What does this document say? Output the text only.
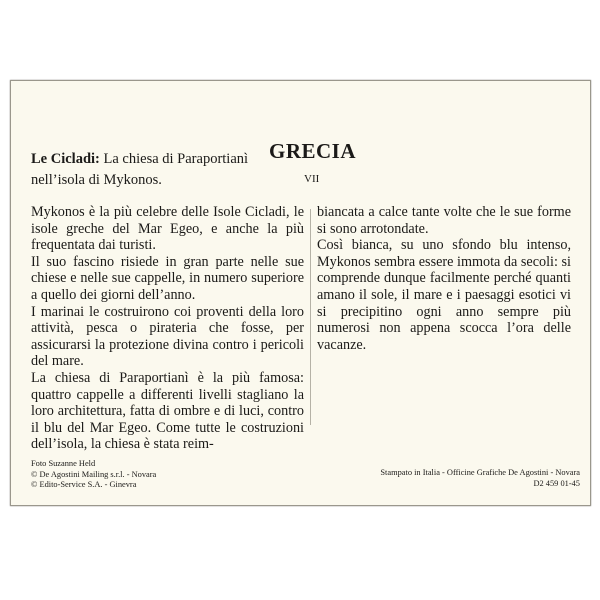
GRECIA
Le Cicladi: La chiesa di Paraportianì nell’isola di Mykonos.	VII

Mykonos è la più celebre delle Isole Cicladi, le isole greche del Mar Egeo, e anche la più frequentata dai turisti.

Il suo fascino risiede in gran parte nelle sue chiese e nelle sue cappelle, in numero superiore a quello dei giorni dell’anno.

I marinai le costruirono coi proventi della loro attività, pesca o pirateria che fosse, per assicurarsi la protezione divina contro i pericoli del mare.

La chiesa di Paraportianì è la più famosa: quattro cappelle a differenti livelli stagliano la loro architettura, fatta di ombre e di luci, contro il blu del Mar Egeo. Come tutte le costruzioni dell’isola, la chiesa è stata reim-

biancata a calce tante volte che le sue forme si sono arrotondate.

Così bianca, su uno sfondo blu intenso, Mykonos sembra essere immota da secoli: si comprende dunque facilmente perché quanti amano il sole, il mare e i paesaggi esotici vi si precipitino ogni anno sempre più numerosi non appena scocca l’ora delle vacanze.

Foto Suzanne Held
© De Agostini Mailing s.r.l. - Novara
© Edito-Service S.A. - Ginevra
Stampato in Italia - Officine Grafiche De Agostini - Novara
D2 459 01-45
